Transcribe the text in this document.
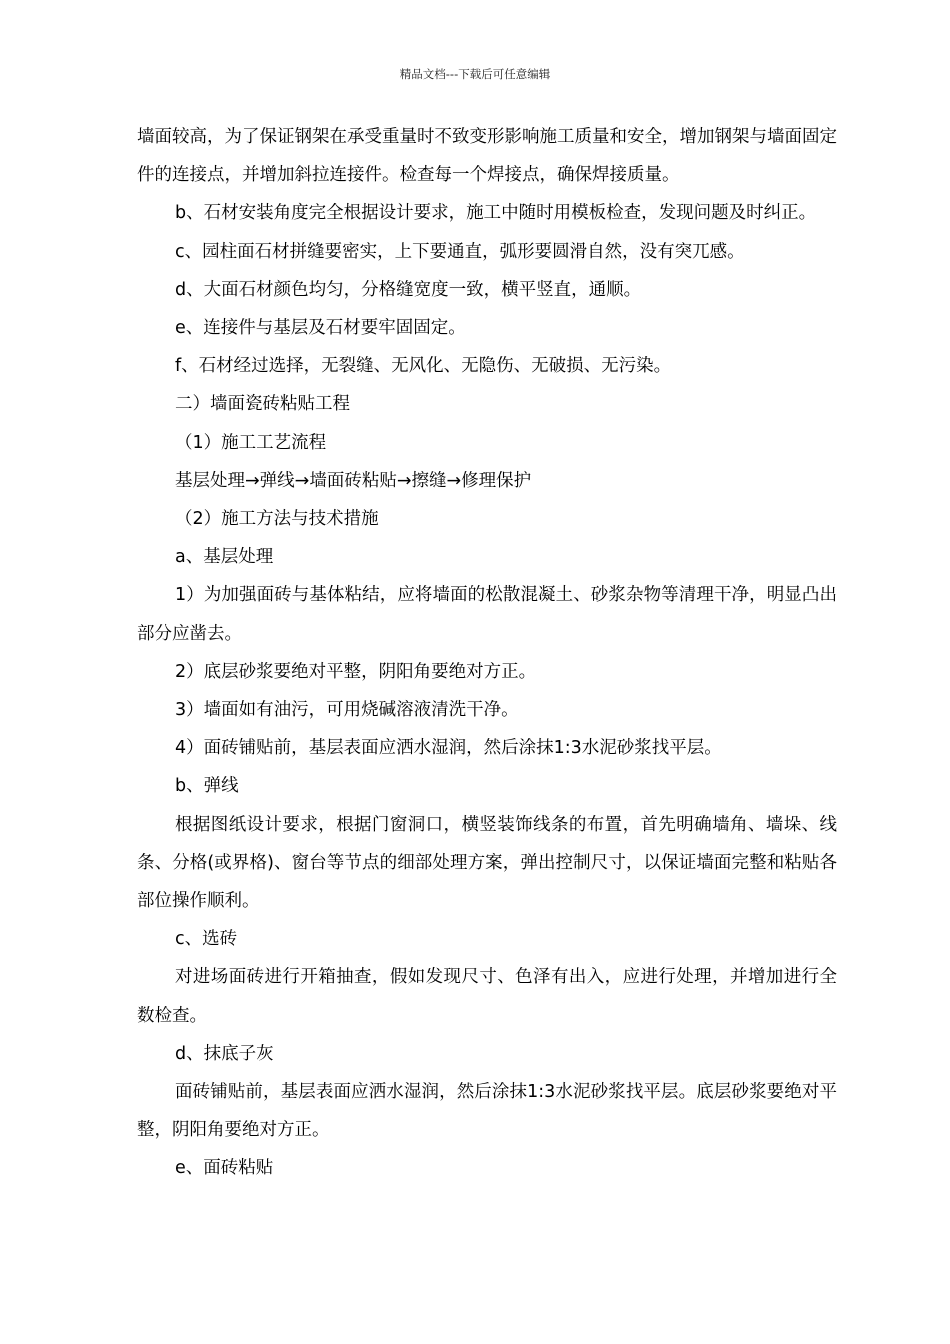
精品文档---下载后可任意编辑

墙面较高，为了保证钢架在承受重量时不致变形影响施工质量和安全，增加钢架与墙面固定件的连接点，并增加斜拉连接件。检查每一个焊接点，确保焊接质量。

b、石材安装角度完全根据设计要求，施工中随时用模板检查，发现问题及时纠正。

c、园柱面石材拼缝要密实，上下要通直，弧形要圆滑自然，没有突兀感。

d、大面石材颜色均匀，分格缝宽度一致，横平竖直，通顺。

e、连接件与基层及石材要牢固固定。

f、石材经过选择，无裂缝、无风化、无隐伤、无破损、无污染。

二）墙面瓷砖粘贴工程

（1）施工工艺流程

基层处理→弹线→墙面砖粘贴→擦缝→修理保护

（2）施工方法与技术措施

a、基层处理

1）为加强面砖与基体粘结，应将墙面的松散混凝土、砂浆杂物等清理干净，明显凸出部分应凿去。

2）底层砂浆要绝对平整，阴阳角要绝对方正。

3）墙面如有油污，可用烧碱溶液清洗干净。

4）面砖铺贴前，基层表面应洒水湿润，然后涂抹1:3水泥砂浆找平层。

b、弹线

根据图纸设计要求，根据门窗洞口，横竖装饰线条的布置，首先明确墙角、墙垛、线条、分格(或界格)、窗台等节点的细部处理方案，弹出控制尺寸，以保证墙面完整和粘贴各部位操作顺利。

c、选砖

对进场面砖进行开箱抽查，假如发现尺寸、色泽有出入，应进行处理，并增加进行全数检查。

d、抹底子灰

面砖铺贴前，基层表面应洒水湿润，然后涂抹1:3水泥砂浆找平层。底层砂浆要绝对平整，阴阳角要绝对方正。

e、面砖粘贴
